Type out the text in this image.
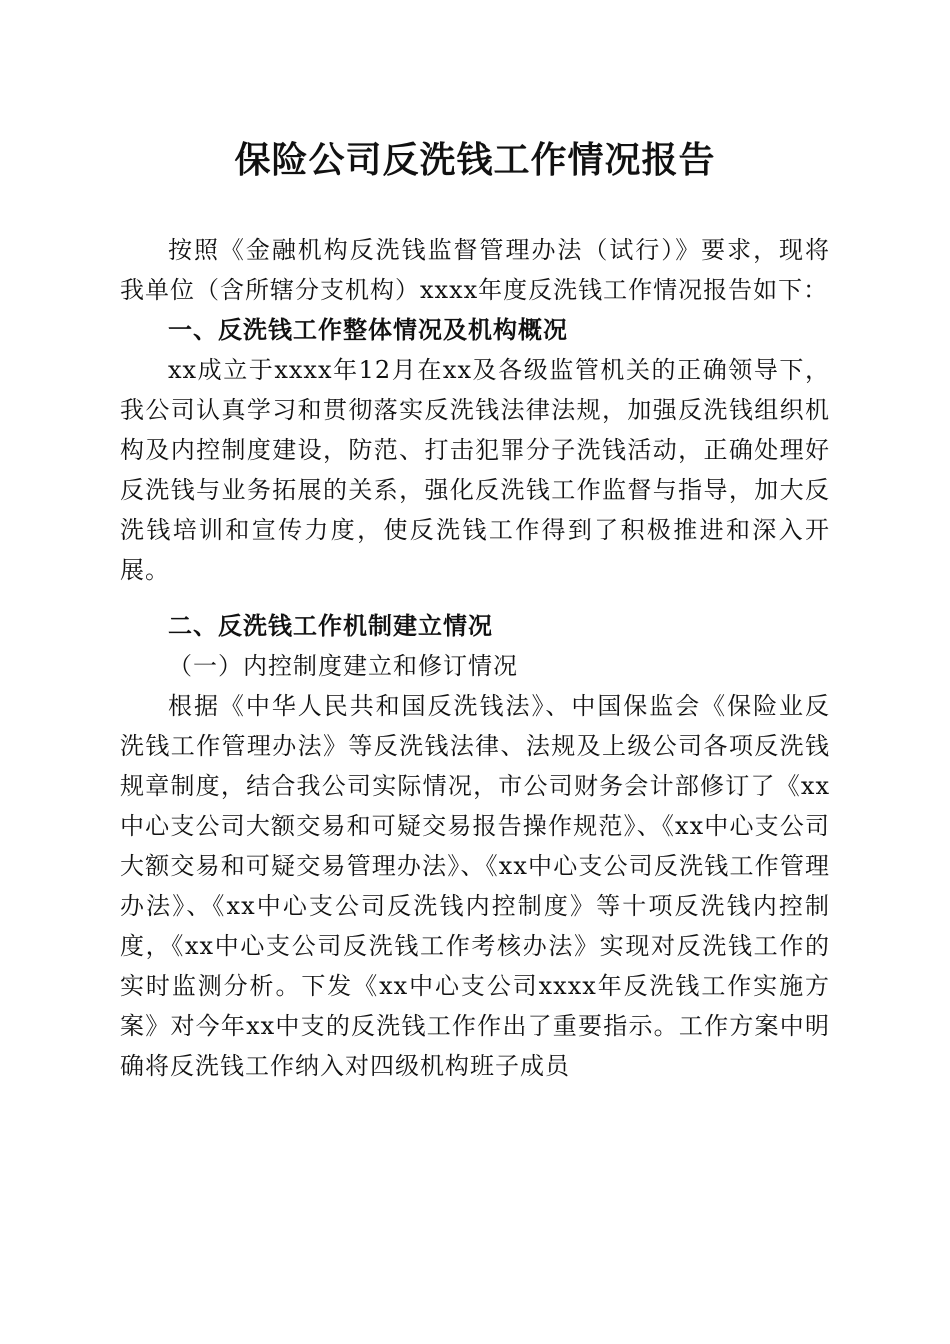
保险公司反洗钱工作情况报告

按照《金融机构反洗钱监督管理办法（试行）》要求，现将我单位（含所辖分支机构）xxxx年度反洗钱工作情况报告如下：

一、反洗钱工作整体情况及机构概况

xx成立于xxxx年12月在xx及各级监管机关的正确领导下，我公司认真学习和贯彻落实反洗钱法律法规，加强反洗钱组织机构及内控制度建设，防范、打击犯罪分子洗钱活动，正确处理好反洗钱与业务拓展的关系，强化反洗钱工作监督与指导，加大反洗钱培训和宣传力度，使反洗钱工作得到了积极推进和深入开展。

二、反洗钱工作机制建立情况

（一）内控制度建立和修订情况

根据《中华人民共和国反洗钱法》、中国保监会《保险业反洗钱工作管理办法》等反洗钱法律、法规及上级公司各项反洗钱规章制度，结合我公司实际情况，市公司财务会计部修订了《xx中心支公司大额交易和可疑交易报告操作规范》、《xx中心支公司大额交易和可疑交易管理办法》、《xx中心支公司反洗钱工作管理办法》、《xx中心支公司反洗钱内控制度》等十项反洗钱内控制度，《xx中心支公司反洗钱工作考核办法》实现对反洗钱工作的实时监测分析。下发《xx中心支公司xxxx年反洗钱工作实施方案》对今年xx中支的反洗钱工作作出了重要指示。工作方案中明确将反洗钱工作纳入对四级机构班子成员
